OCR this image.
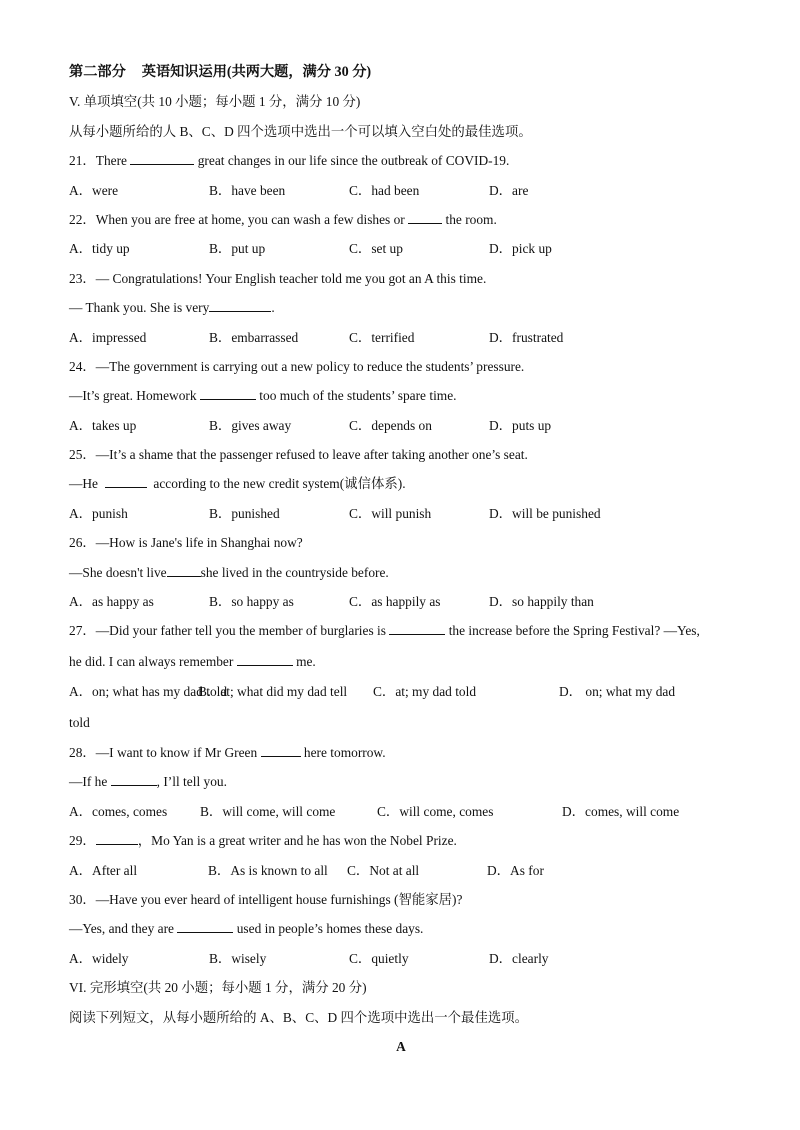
第二部分 英语知识运用(共两大题，满分 30 分)
V. 单项填空(共 10 小题；每小题 1 分，满分 10 分)
从每小题所给的人 B、C、D 四个选项中选出一个可以填入空白处的最佳选项。
21．There	great changes in our life since the outbreak of COVID-19.
A．were	B．have been	C．had been	D．are
22．When you are free at home, you can wash a few dishes or	the room.
A．tidy up	B．put up	C．set up	D．pick up
23．— Congratulations! Your English teacher told me you got an A this time.
— Thank you. She is very	.
A．impressed	B．embarrassed	C．terrified	D．frustrated
24．—The government is carrying out a new policy to reduce the students’ pressure.
—It’s great. Homework	too much of the students’ spare time.
A．takes up	B．gives away	C．depends on	D．puts up
25．—It’s a shame that the passenger refused to leave after taking another one’s seat.
—He	according to the new credit system(诚信体系).
A．punish	B．punished	C．will punish	D．will be punished
26．—How is Jane's life in Shanghai now?
—She doesn't live	she lived in the countryside before.
A．as happy as	B．so happy as	C．as happily as	D．so happily than
27．—Did your father tell you the member of burglaries is	the increase before the Spring Festival? —Yes,
he did. I can always remember	me.
A．on; what has my dad told
B．at; what did my dad tell	C．at; my dad told	D． on; what my dad
told
28．—I want to know if Mr Green	here tomorrow.
—If he	, I’ll tell you.
A．comes, comes	B．will come, will come	C．will come, comes	D．comes, will come
29．	，Mo Yan is a great writer and he has won the Nobel Prize.
A．After all	B．As is known to all	C．Not at all	D．As for
30．—Have you ever heard of intelligent house furnishings (智能家居)?
—Yes, and they are	used in people’s homes these days.
A．widely	B．wisely	C．quietly	D．clearly
VI. 完形填空(共 20 小题；每小题 1 分，满分 20 分)
阅读下列短文，从每小题所给的 A、B、C、D 四个选项中选出一个最佳选项。
A
